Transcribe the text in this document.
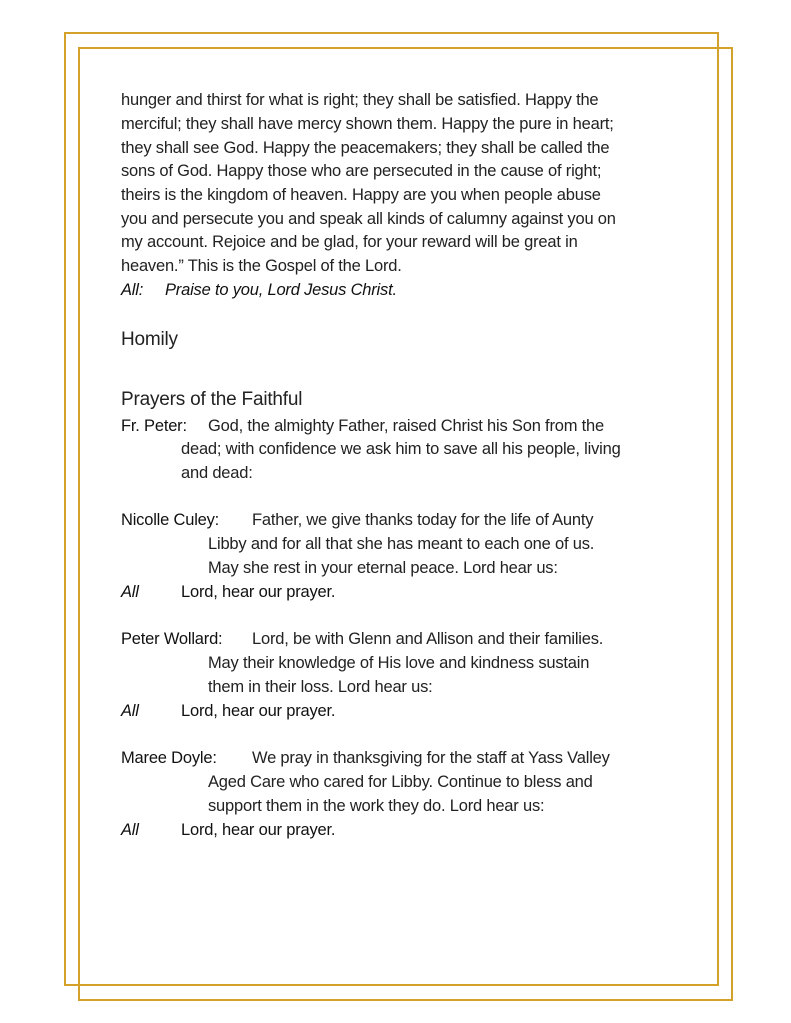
hunger and thirst for what is right; they shall be satisfied. Happy the
merciful; they shall have mercy shown them. Happy the pure in heart;
they shall see God. Happy the peacemakers; they shall be called the
sons of God. Happy those who are persecuted in the cause of right;
theirs is the kingdom of heaven. Happy are you when people abuse
you and persecute you and speak all kinds of calumny against you on
my account. Rejoice and be glad, for your reward will be great in
heaven.” This is the Gospel of the Lord.
All: Praise to you, Lord Jesus Christ.
Homily
Prayers of the Faithful
Fr. Peter: God, the almighty Father, raised Christ his Son from the
dead; with confidence we ask him to save all his people, living
and dead:
Nicolle Culey: Father, we give thanks today for the life of Aunty
Libby and for all that she has meant to each one of us.
May she rest in your eternal peace. Lord hear us:
All	Lord, hear our prayer.
Peter Wollard: Lord, be with Glenn and Allison and their families.
May their knowledge of His love and kindness sustain
them in their loss. Lord hear us:
All	Lord, hear our prayer.
Maree Doyle: We pray in thanksgiving for the staff at Yass Valley
Aged Care who cared for Libby. Continue to bless and
support them in the work they do. Lord hear us:
All	Lord, hear our prayer.
